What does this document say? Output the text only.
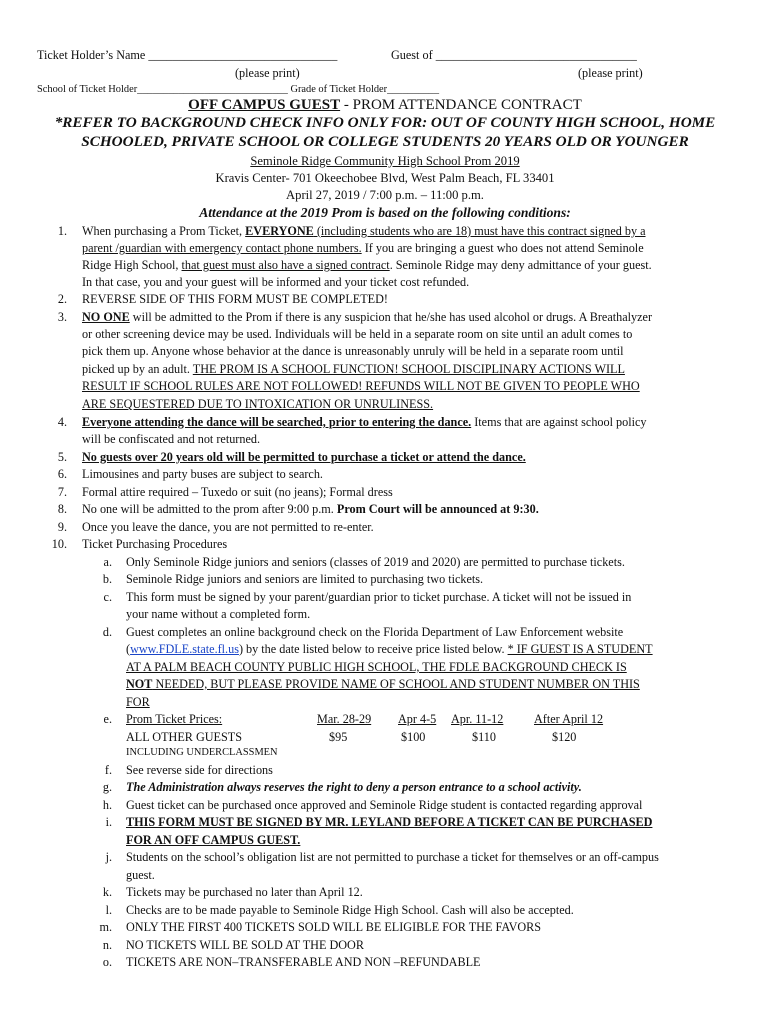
Ticket Holder’s Name _______________________________	Guest of _________________________________
(please print)	(please print)
School of Ticket Holder_____________________________ Grade of Ticket Holder__________
OFF CAMPUS GUEST - PROM ATTENDANCE CONTRACT
*REFER TO BACKGROUND CHECK INFO ONLY FOR: OUT OF COUNTY HIGH SCHOOL, HOME
SCHOOLED, PRIVATE SCHOOL OR COLLEGE STUDENTS 20 YEARS OLD OR YOUNGER
Seminole Ridge Community High School Prom 2019
Kravis Center- 701 Okeechobee Blvd, West Palm Beach, FL 33401
April 27, 2019 / 7:00 p.m. – 11:00 p.m.
Attendance at the 2019 Prom is based on the following conditions:
1. When purchasing a Prom Ticket, EVERYONE (including students who are 18) must have this contract signed by a
parent /guardian with emergency contact phone numbers. If you are bringing a guest who does not attend Seminole
Ridge High School, that guest must also have a signed contract. Seminole Ridge may deny admittance of your guest.
In that case, you and your guest will be informed and your ticket cost refunded.
2. REVERSE SIDE OF THIS FORM MUST BE COMPLETED!
3. NO ONE will be admitted to the Prom if there is any suspicion that he/she has used alcohol or drugs. A Breathalyzer
or other screening device may be used. Individuals will be held in a separate room on site until an adult comes to
pick them up. Anyone whose behavior at the dance is unreasonably unruly will be held in a separate room until
picked up by an adult. THE PROM IS A SCHOOL FUNCTION! SCHOOL DISCIPLINARY ACTIONS WILL
RESULT IF SCHOOL RULES ARE NOT FOLLOWED! REFUNDS WILL NOT BE GIVEN TO PEOPLE WHO
ARE SEQUESTERED DUE TO INTOXICATION OR UNRULINESS.
4. Everyone attending the dance will be searched, prior to entering the dance. Items that are against school policy
will be confiscated and not returned.
5. No guests over 20 years old will be permitted to purchase a ticket or attend the dance.
6. Limousines and party buses are subject to search.
7. Formal attire required – Tuxedo or suit (no jeans); Formal dress
8. No one will be admitted to the prom after 9:00 p.m. Prom Court will be announced at 9:30.
9. Once you leave the dance, you are not permitted to re-enter.
10. Ticket Purchasing Procedures
a. Only Seminole Ridge juniors and seniors (classes of 2019 and 2020) are permitted to purchase tickets.
b. Seminole Ridge juniors and seniors are limited to purchasing two tickets.
c. This form must be signed by your parent/guardian prior to ticket purchase. A ticket will not be issued in
your name without a completed form.
d. Guest completes an online background check on the Florida Department of Law Enforcement website
(www.FDLE.state.fl.us) by the date listed below to receive price listed below. * IF GUEST IS A STUDENT
AT A PALM BEACH COUNTY PUBLIC HIGH SCHOOL, THE FDLE BACKGROUND CHECK IS
NOT NEEDED, BUT PLEASE PROVIDE NAME OF SCHOOL AND STUDENT NUMBER ON THIS
FOR
e. Prom Ticket Prices:	Mar. 28-29 Apr 4-5 Apr. 11-12	After April 12
ALL OTHER GUESTS	$95	$100	$110	$120
INCLUDING UNDERCLASSMEN
f. See reverse side for directions
g. The Administration always reserves the right to deny a person entrance to a school activity.
h. Guest ticket can be purchased once approved and Seminole Ridge student is contacted regarding approval
i. THIS FORM MUST BE SIGNED BY MR. LEYLAND BEFORE A TICKET CAN BE PURCHASED
FOR AN OFF CAMPUS GUEST.
j. Students on the school’s obligation list are not permitted to purchase a ticket for themselves or an off-campus
guest.
k. Tickets may be purchased no later than April 12.
l. Checks are to be made payable to Seminole Ridge High School. Cash will also be accepted.
m. ONLY THE FIRST 400 TICKETS SOLD WILL BE ELIGIBLE FOR THE FAVORS
n. NO TICKETS WILL BE SOLD AT THE DOOR
o. TICKETS ARE NON–TRANSFERABLE AND NON –REFUNDABLE
